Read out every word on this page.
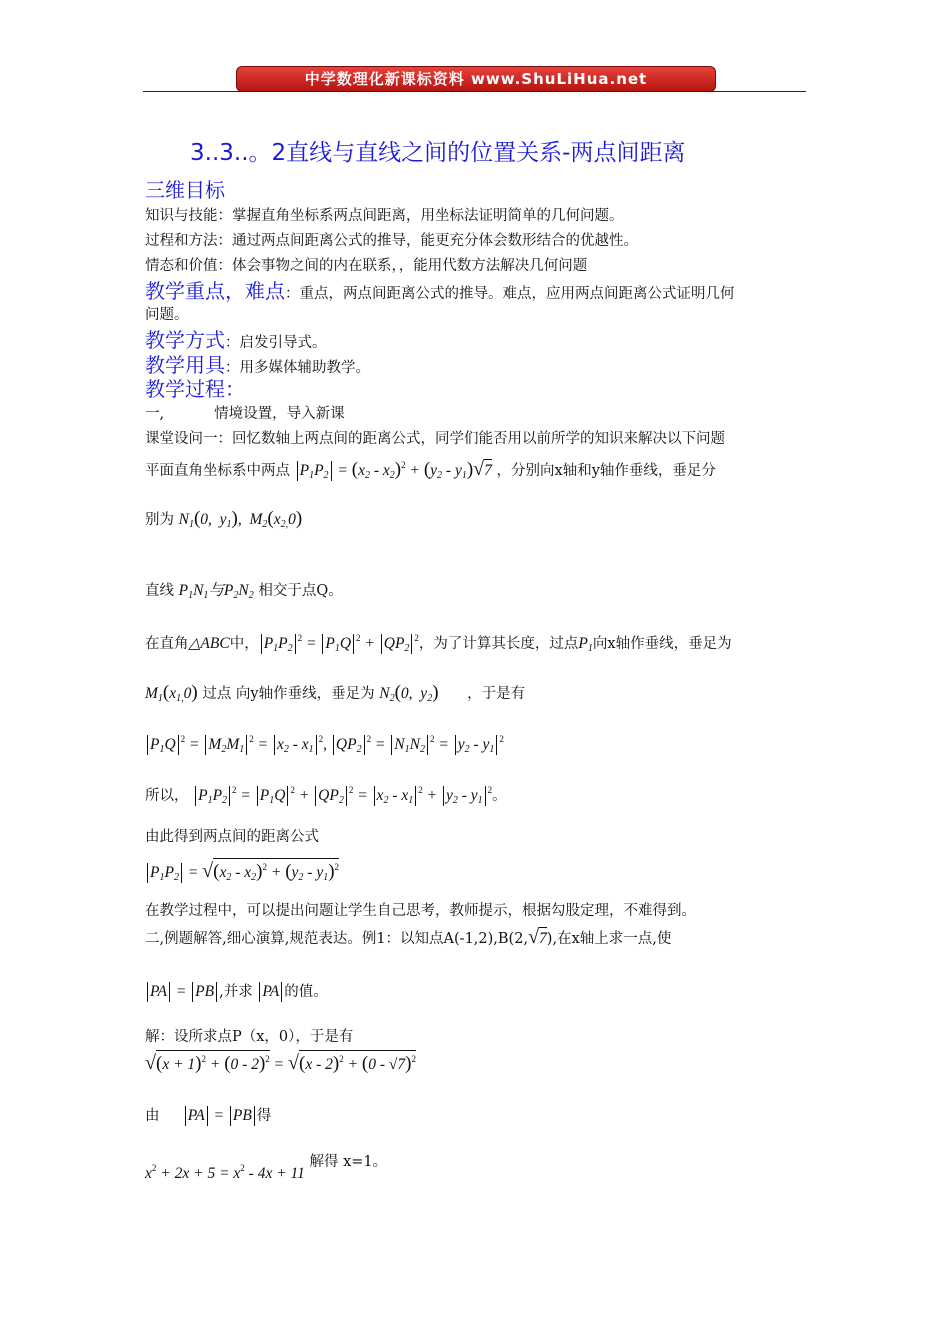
中学数理化新课标资料 www.ShuLiHua.net
3..3..。2直线与直线之间的位置关系-两点间距离
三维目标
知识与技能：掌握直角坐标系两点间距离，用坐标法证明简单的几何问题。
过程和方法：通过两点间距离公式的推导，能更充分体会数形结合的优越性。
情态和价值：体会事物之间的内在联系，，能用代数方法解决几何问题
教学重点，难点：重点，两点间距离公式的推导。难点，应用两点间距离公式证明几何
问题。
教学方式：启发引导式。
教学用具：用多媒体辅助教学。
教学过程：
一,	情境设置，导入新课
课堂设问一：回忆数轴上两点间的距离公式，同学们能否用以前所学的知识来解决以下问题
平面直角坐标系中两点 $P_1P_2 = (x_2 - x_2)^2 + (y_2 - y_1)√7$ ，分别向x轴和y轴作垂线，垂足分
别为 $N_1(0$,  $y_1$),  $M_2(x_{2,}0)$
直线 $P_1N_1$与$P_2N_2$ 相交于点Q。
在直角△ABC中， $P_1P_2^2 = P_1Q$ $^2 + QP_2^2$，为了计算其长度，过点$P_1$向x轴作垂线，垂足为
$M_1(x_{1,}0)$ 过点 向y轴作垂线，垂足为 $N_2(0$,  $y_2$) ，于是有
$P_1Q$ $^2 = M_2M_1^2 = x_2 - x_1^2$, $QP_2^2 = N_1N_2^2 = y_2 - y_1^2$
所以， $P_1P_2^2 = P_1Q$ $^2 + QP_2^2 = x_2 - x_1^2 + y_2 - y_1^2$。
由此得到两点间的距离公式
$P_1P_2 = √(x_2 - x_2)^2 + (y_2 - y_1)^2$
在教学过程中，可以提出问题让学生自己思考，教师提示，根据勾股定理，不难得到。
二,例题解答,细心演算,规范表达。例1：以知点A(-1,2),B(2,√7),在x轴上求一点,使
PA = PB ,并求 PA 的值。
解：设所求点P（x，0），于是有
$√(x + 1)^2 + (0 - 2)^2 = √(x - 2)^2 + (0 - √7)^2$
由 PA = PB 得
$x^2 + 2x + 5 = x^2 - 4x + 11$ 解得 x=1。
